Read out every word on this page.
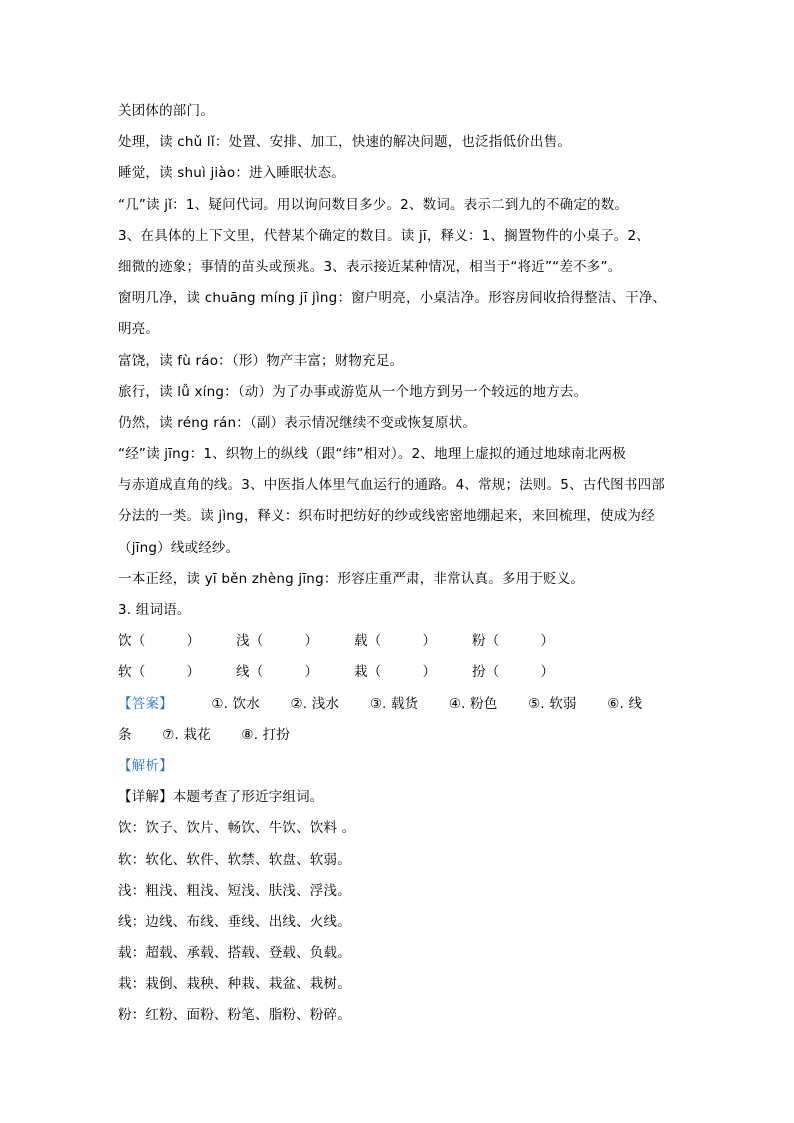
关团体的部门。
处理，读 chǔ lǐ：处置、安排、加工，快速的解决问题，也泛指低价出售。
睡觉，读 shuì jiào：进入睡眠状态。
“几”读 jǐ：1、疑问代词。用以询问数目多少。2、数词。表示二到九的不确定的数。
3、在具体的上下文里，代替某个确定的数目。读 jī，释义：1、搁置物件的小桌子。2、
细微的迹象；事情的苗头或预兆。3、表示接近某种情况，相当于“将近”“差不多”。
窗明几净，读 chuāng míng jī jìng：窗户明亮，小桌洁净。形容房间收拾得整洁、干净、
明亮。
富饶，读 fù ráo：（形）物产丰富；财物充足。
旅行，读 lǚ xíng：（动）为了办事或游览从一个地方到另一个较远的地方去。
仍然，读 réng rán：（副）表示情况继续不变或恢复原状。
“经”读 jīng：1、织物上的纵线（跟“纬”相对）。2、地理上虚拟的通过地球南北两极
与赤道成直角的线。3、中医指人体里气血运行的通路。4、常规；法则。5、古代图书四部
分法的一类。读 jìng，释义：织布时把纺好的纱或线密密地绷起来，来回梳理，使成为经
（jīng）线或经纱。
一本正经，读 yī běn zhèng jīng：形容庄重严肃，非常认真。多用于贬义。
3. 组词语。
饮（　　　）	浅（　　　）	载（　　　）	粉（　　　）
软（　　　）	线（　　　）	栽（　　　）	扮（　　　）
【答案】	①. 饮水 ②. 浅水 ③. 载货 ④. 粉色 ⑤. 软弱 ⑥. 线
条 ⑦. 栽花 ⑧. 打扮
【解析】
【详解】本题考查了形近字组词。
饮：饮子、饮片、畅饮、牛饮、饮料 。
软：软化、软件、软禁、软盘、软弱。
浅：粗浅、粗浅、短浅、肤浅、浮浅。
线：边线、布线、垂线、出线、火线。
载：超载、承载、搭载、登载、负载。
栽：栽倒、栽秧、种栽、栽盆、栽树。
粉：红粉、面粉、粉笔、脂粉、粉碎。
